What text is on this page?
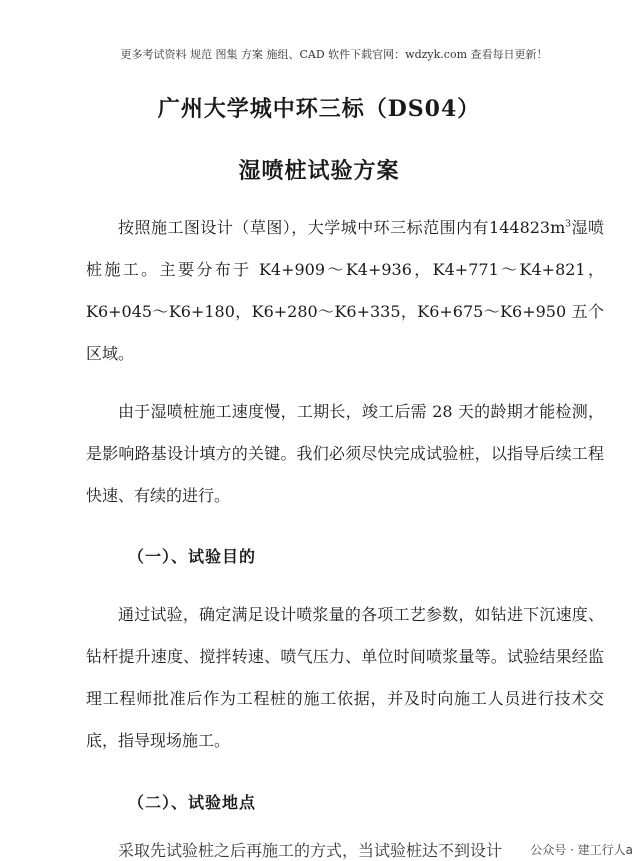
更多考试资料 规范 图集 方案 施组、CAD 软件下载官网：wdzyk.com 查看每日更新！
广州大学城中环三标（DS04）
湿喷桩试验方案

按照施工图设计（草图），大学城中环三标范围内有$144823m^3$湿喷桩施工。主要分布于 K4+909～K4+936，K4+771～K4+821，K6+045～K6+180，K6+280～K6+335，K6+675～K6+950 五个区域。

由于湿喷桩施工速度慢，工期长，竣工后需 28 天的龄期才能检测，是影响路基设计填方的关键。我们必须尽快完成试验桩，以指导后续工程快速、有续的进行。

（一）、试验目的

通过试验，确定满足设计喷浆量的各项工艺参数，如钻进下沉速度、钻杆提升速度、搅拌转速、喷气压力、单位时间喷浆量等。试验结果经监理工程师批准后作为工程桩的施工依据，并及时向施工人员进行技术交底，指导现场施工。

（二）、试验地点

采取先试验桩之后再施工的方式，当试验桩达不到设计	公众号 · 建工行人a
